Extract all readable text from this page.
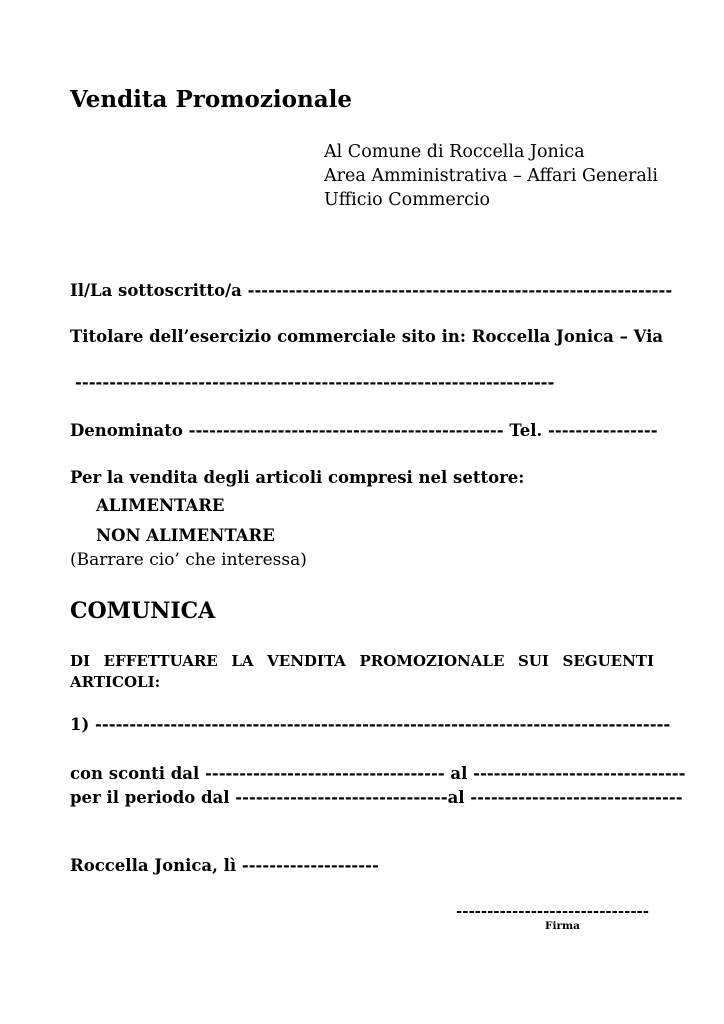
Vendita Promozionale
Al Comune di Roccella Jonica
Area Amministrativa – Affari Generali
Ufficio Commercio
Il/La sottoscritto/a --------------------------------------------------------------
Titolare dell’esercizio commerciale sito in: Roccella Jonica – Via
----------------------------------------------------------------------
Denominato ---------------------------------------------- Tel. ----------------
Per la vendita degli articoli compresi nel settore:
ALIMENTARE
NON ALIMENTARE
(Barrare cio’ che interessa)
COMUNICA
DI EFFETTUARE LA VENDITA PROMOZIONALE SUI SEGUENTI ARTICOLI:
1) ------------------------------------------------------------------------------------
con sconti dal ----------------------------------- al -------------------------------
per il periodo dal -------------------------------al -------------------------------
Roccella Jonica, lì --------------------
-------------------------------
Firma
